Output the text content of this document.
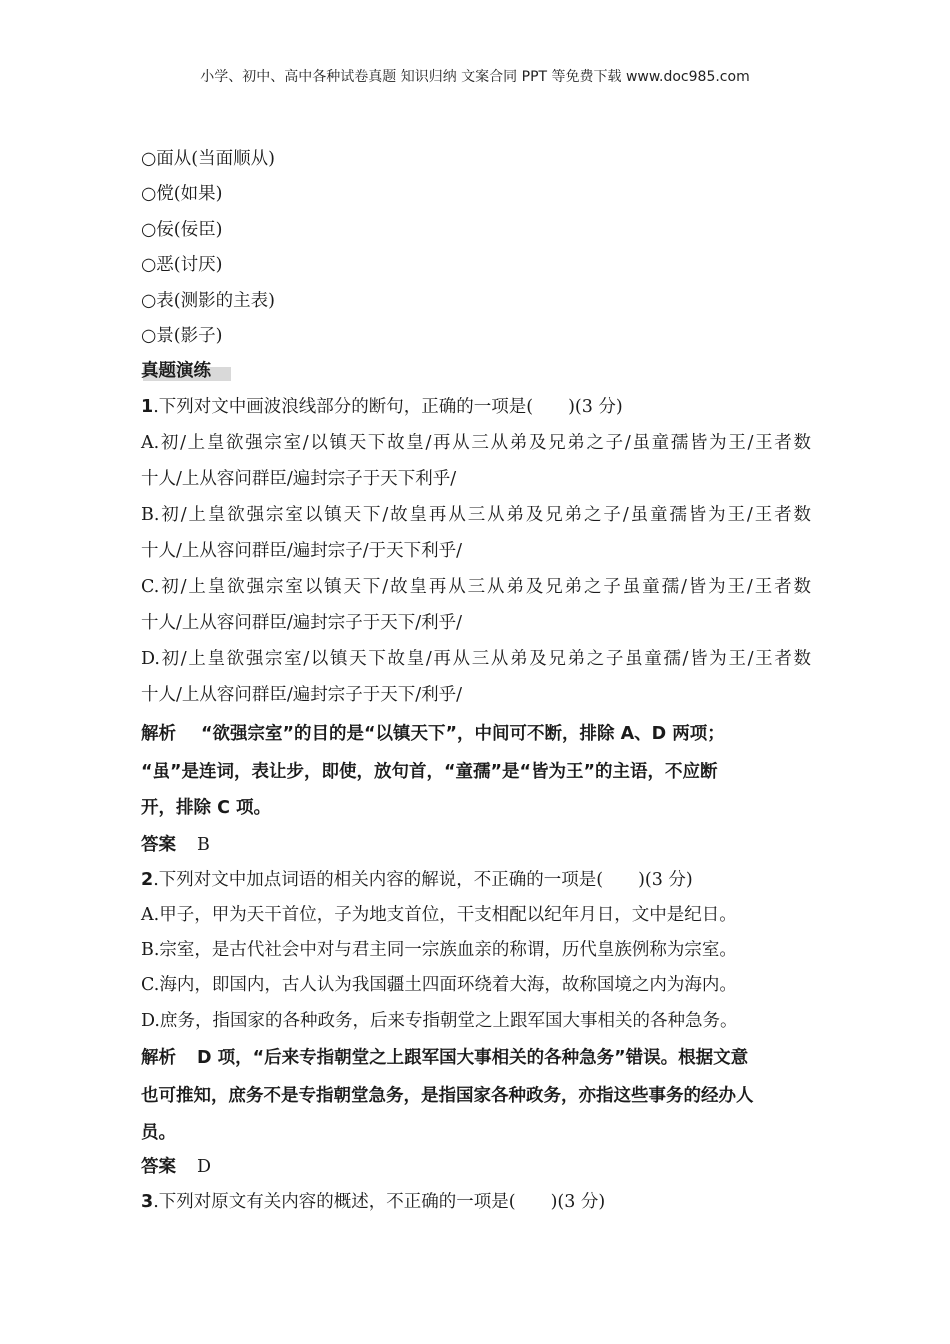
小学、初中、高中各种试卷真题 知识归纳 文案合同 PPT 等免费下载 www.doc985.com
○面从(当面顺从)
○傥(如果)
○佞(佞臣)
○恶(讨厌)
○表(测影的主表)
○景(影子)
真题演练
1.下列对文中画波浪线部分的断句，正确的一项是(　　)(3 分)
A.初/上皇欲强宗室/以镇天下故皇/再从三从弟及兄弟之子/虽童孺皆为王/王者数
十人/上从容问群臣/遍封宗子于天下利乎/
B.初/上皇欲强宗室以镇天下/故皇再从三从弟及兄弟之子/虽童孺皆为王/王者数
十人/上从容问群臣/遍封宗子/于天下利乎/
C.初/上皇欲强宗室以镇天下/故皇再从三从弟及兄弟之子虽童孺/皆为王/王者数
十人/上从容问群臣/遍封宗子于天下/利乎/
D.初/上皇欲强宗室/以镇天下故皇/再从三从弟及兄弟之子虽童孺/皆为王/王者数
十人/上从容问群臣/遍封宗子于天下/利乎/
解析 “欲强宗室”的目的是“以镇天下”，中间可不断，排除 A、D 两项；
“虽”是连词，表让步，即使，放句首，“童孺”是“皆为王”的主语，不应断
开，排除 C 项。
答案 B
2.下列对文中加点词语的相关内容的解说，不正确的一项是(　　)(3 分)
A.甲子，甲为天干首位，子为地支首位，干支相配以纪年月日，文中是纪日。
B.宗室，是古代社会中对与君主同一宗族血亲的称谓，历代皇族例称为宗室。
C.海内，即国内，古人认为我国疆土四面环绕着大海，故称国境之内为海内。
D.庶务，指国家的各种政务，后来专指朝堂之上跟军国大事相关的各种急务。
解析 D 项，“后来专指朝堂之上跟军国大事相关的各种急务”错误。根据文意
也可推知，庶务不是专指朝堂急务，是指国家各种政务，亦指这些事务的经办人
员。
答案 D
3.下列对原文有关内容的概述，不正确的一项是(　　)(3 分)
